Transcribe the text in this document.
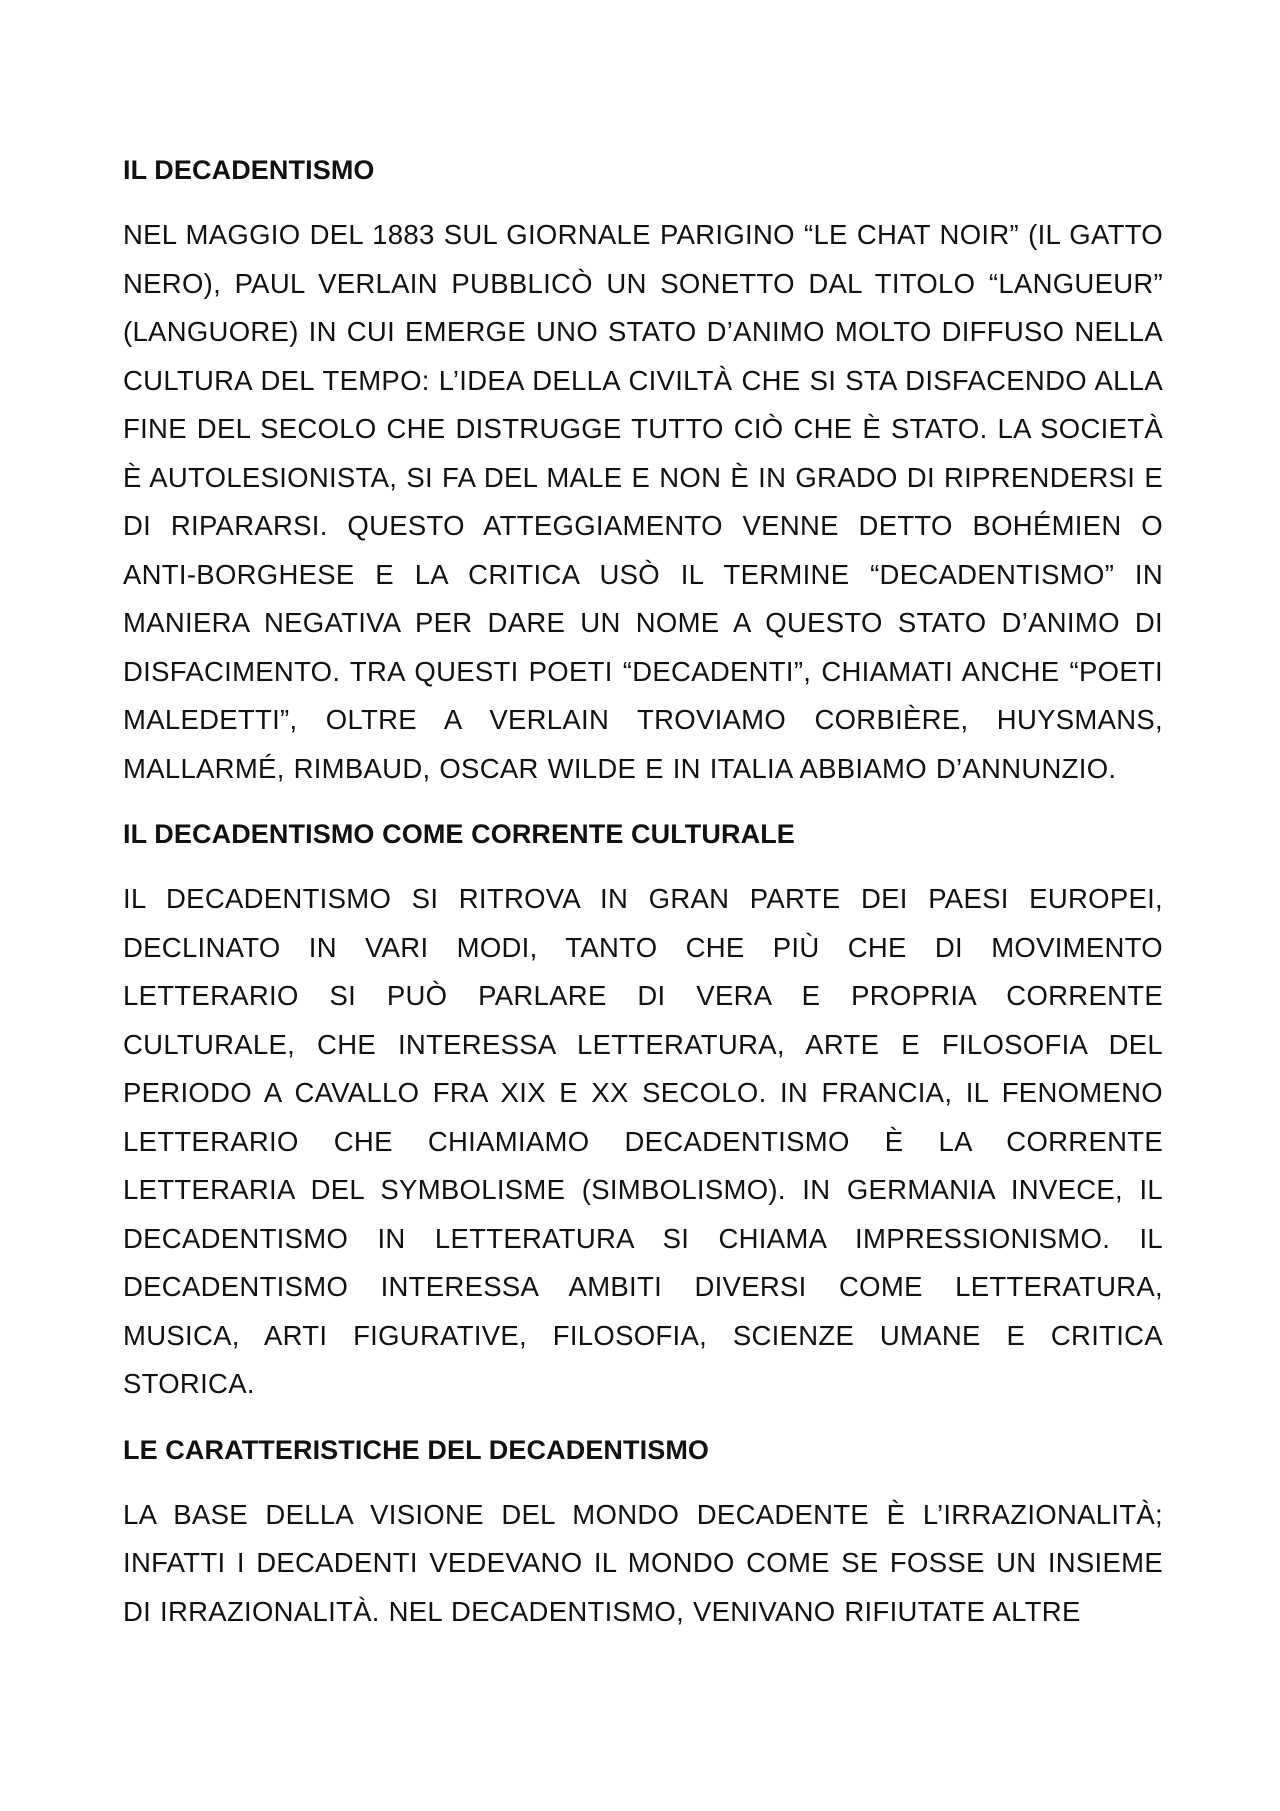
IL DECADENTISMO
NEL MAGGIO DEL 1883 SUL GIORNALE PARIGINO “LE CHAT NOIR” (IL GATTO NERO), PAUL VERLAIN PUBBLICÒ UN SONETTO DAL TITOLO “LANGUEUR” (LANGUORE) IN CUI EMERGE UNO STATO D’ANIMO MOLTO DIFFUSO NELLA CULTURA DEL TEMPO: L’IDEA DELLA CIVILTÀ CHE SI STA DISFACENDO ALLA FINE DEL SECOLO CHE DISTRUGGE TUTTO CIÒ CHE È STATO. LA SOCIETÀ È AUTOLESIONISTA, SI FA DEL MALE E NON È IN GRADO DI RIPRENDERSI E DI RIPARARSI. QUESTO ATTEGGIAMENTO VENNE DETTO BOHÉMIEN O ANTI-BORGHESE E LA CRITICA USÒ IL TERMINE “DECADENTISMO” IN MANIERA NEGATIVA PER DARE UN NOME A QUESTO STATO D’ANIMO DI DISFACIMENTO. TRA QUESTI POETI “DECADENTI”, CHIAMATI ANCHE “POETI MALEDETTI”, OLTRE A VERLAIN TROVIAMO CORBIÈRE, HUYSMANS, MALLARMÉ, RIMBAUD, OSCAR WILDE E IN ITALIA ABBIAMO D’ANNUNZIO.
IL DECADENTISMO COME CORRENTE CULTURALE
IL DECADENTISMO SI RITROVA IN GRAN PARTE DEI PAESI EUROPEI, DECLINATO IN VARI MODI, TANTO CHE PIÙ CHE DI MOVIMENTO LETTERARIO SI PUÒ PARLARE DI VERA E PROPRIA CORRENTE CULTURALE, CHE INTERESSA LETTERATURA, ARTE E FILOSOFIA DEL PERIODO A CAVALLO FRA XIX E XX SECOLO. IN FRANCIA, IL FENOMENO LETTERARIO CHE CHIAMIAMO DECADENTISMO È LA CORRENTE LETTERARIA DEL SYMBOLISME (SIMBOLISMO). IN GERMANIA INVECE, IL DECADENTISMO IN LETTERATURA SI CHIAMA IMPRESSIONISMO. IL DECADENTISMO INTERESSA AMBITI DIVERSI COME LETTERATURA, MUSICA, ARTI FIGURATIVE, FILOSOFIA, SCIENZE UMANE E CRITICA STORICA.
LE CARATTERISTICHE DEL DECADENTISMO
LA BASE DELLA VISIONE DEL MONDO DECADENTE È L’IRRAZIONALITÀ; INFATTI I DECADENTI VEDEVANO IL MONDO COME SE FOSSE UN INSIEME DI IRRAZIONALITÀ. NEL DECADENTISMO, VENIVANO RIFIUTATE ALTRE
